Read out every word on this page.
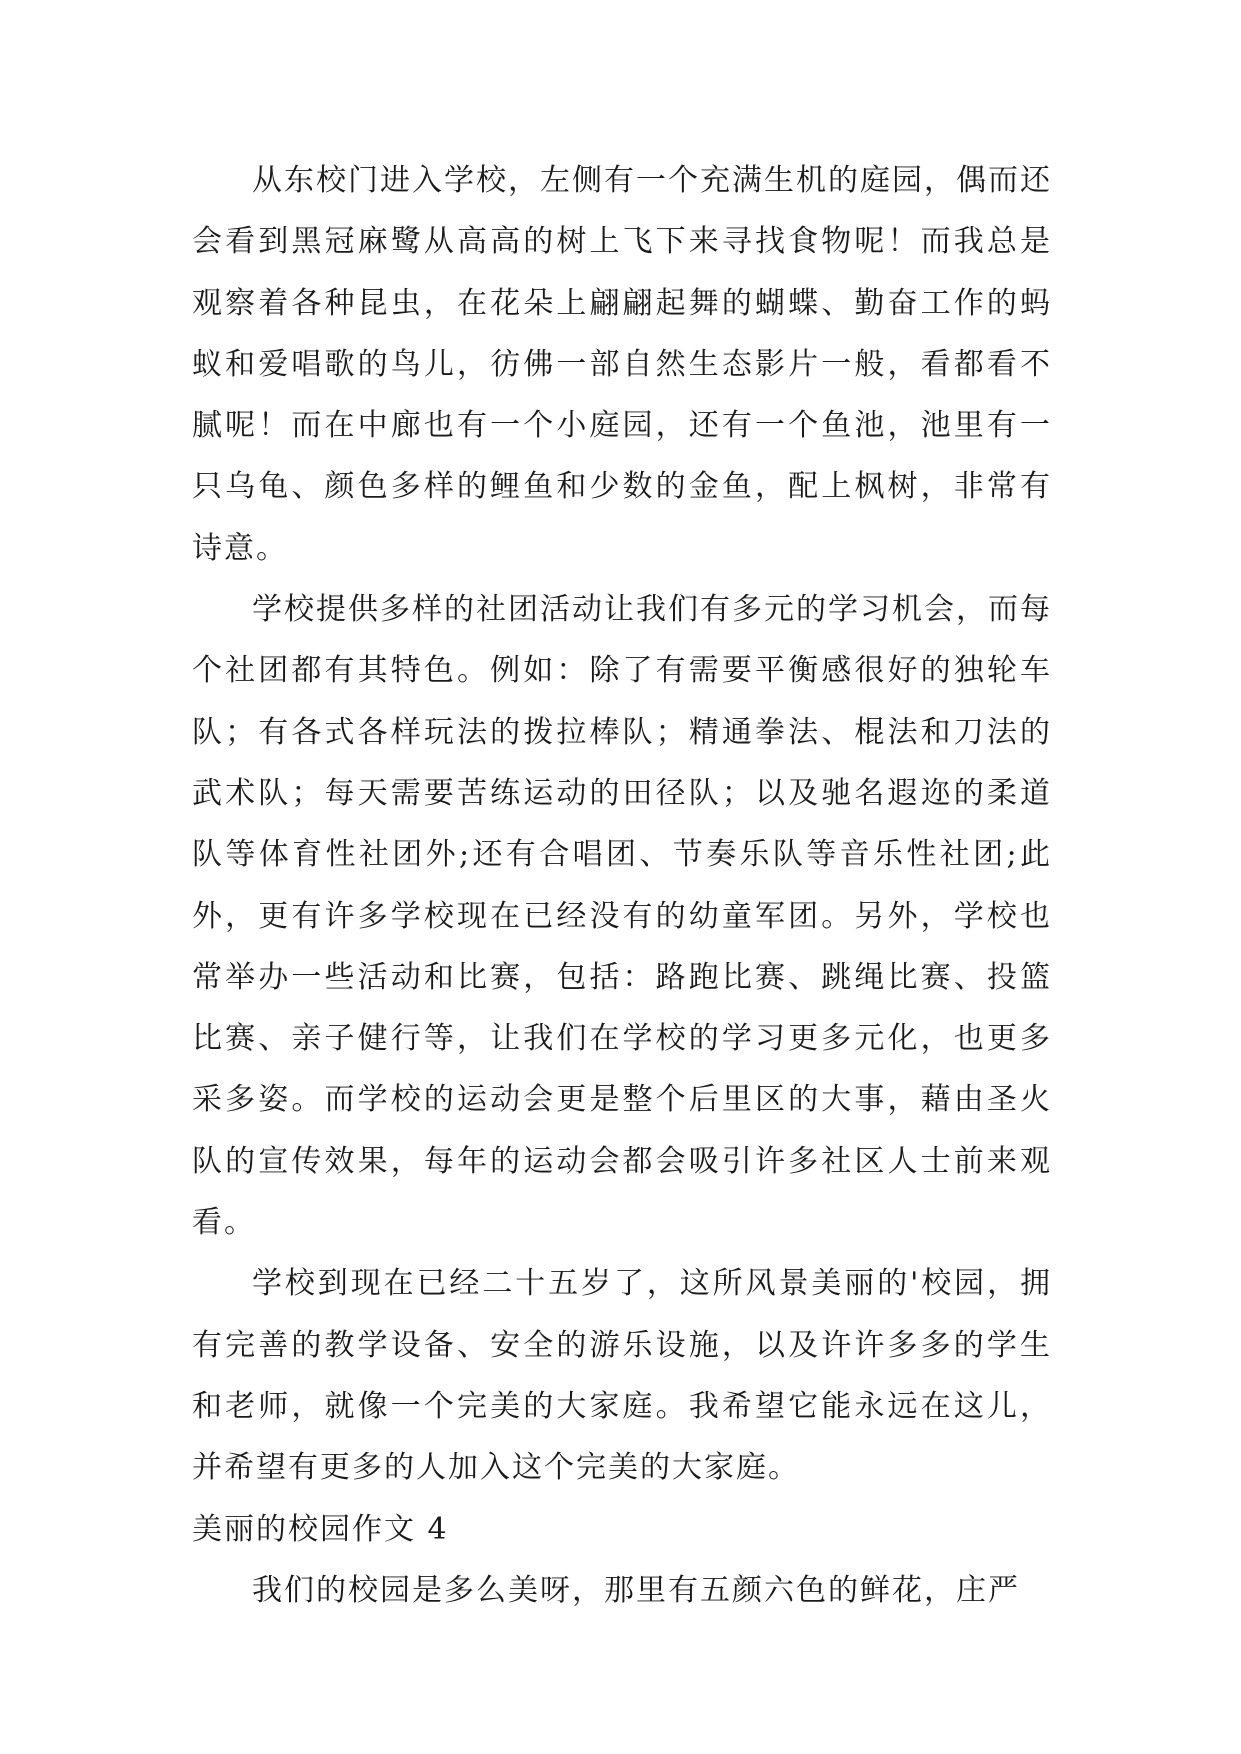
从东校门进入学校，左侧有一个充满生机的庭园，偶而还会看到黑冠麻鹭从高高的树上飞下来寻找食物呢！而我总是观察着各种昆虫，在花朵上翩翩起舞的蝴蝶、勤奋工作的蚂蚁和爱唱歌的鸟儿，彷佛一部自然生态影片一般，看都看不腻呢！而在中廊也有一个小庭园，还有一个鱼池，池里有一只乌龟、颜色多样的鲤鱼和少数的金鱼，配上枫树，非常有诗意。

学校提供多样的社团活动让我们有多元的学习机会，而每个社团都有其特色。例如：除了有需要平衡感很好的独轮车队；有各式各样玩法的拨拉棒队；精通拳法、棍法和刀法的武术队；每天需要苦练运动的田径队；以及驰名遐迩的柔道队等体育性社团外;还有合唱团、节奏乐队等音乐性社团;此外，更有许多学校现在已经没有的幼童军团。另外，学校也常举办一些活动和比赛，包括：路跑比赛、跳绳比赛、投篮比赛、亲子健行等，让我们在学校的学习更多元化，也更多采多姿。而学校的运动会更是整个后里区的大事，藉由圣火队的宣传效果，每年的运动会都会吸引许多社区人士前来观看。

学校到现在已经二十五岁了，这所风景美丽的'校园，拥有完善的教学设备、安全的游乐设施，以及许许多多的学生和老师，就像一个完美的大家庭。我希望它能永远在这儿，并希望有更多的人加入这个完美的大家庭。

美丽的校园作文 4

我们的校园是多么美呀，那里有五颜六色的鲜花，庄严
